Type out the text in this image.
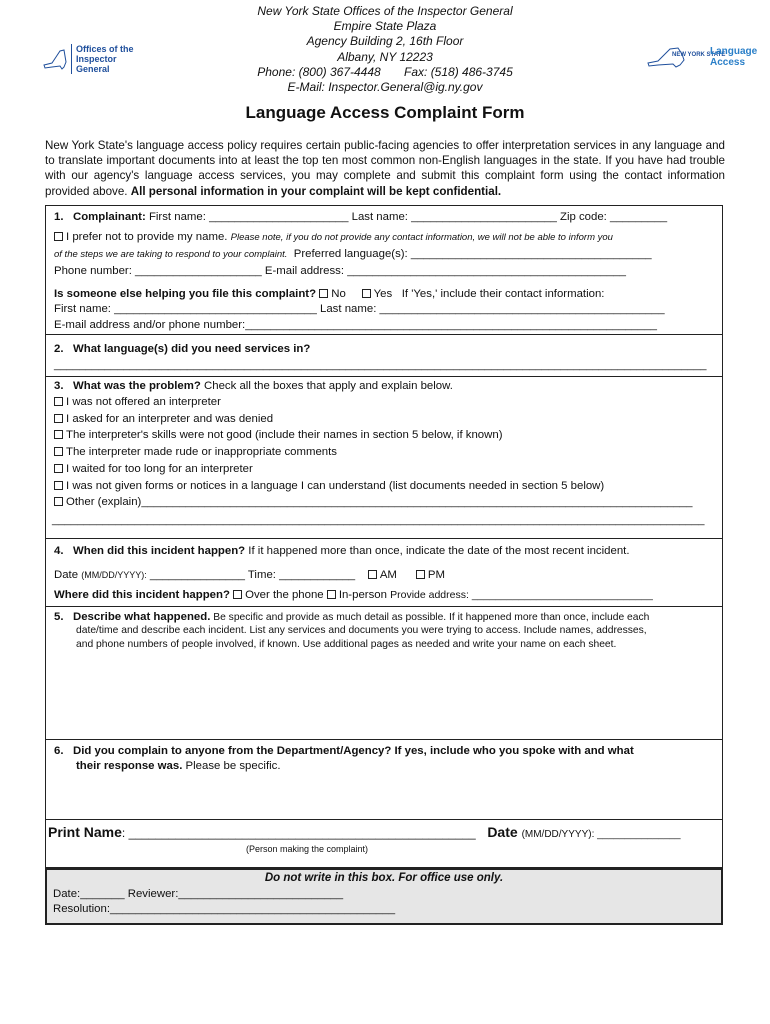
Offices of the
Inspector General
New York State Offices of the Inspector General
Empire State Plaza
Agency Building 2, 16th Floor
Albany, NY 12223
Phone: (800) 367-4448       Fax: (518) 486-3745
E-Mail: Inspector.General@ig.ny.gov
NEW YORK STATE
Language
Access
Language Access Complaint Form
New York State's language access policy requires certain public-facing agencies to offer interpretation services in any language and to translate important documents into at least the top ten most common non-English languages in the state. If you have had trouble with our agency's language access services, you may complete and submit this complaint form using the contact information provided above. All personal information in your complaint will be kept confidential.
1. Complainant: First name: ______________________ Last name: _______________________ Zip code: _________
I prefer not to provide my name. Please note, if you do not provide any contact information, we will not be able to inform you
of the steps we are taking to respond to your complaint.  Preferred language(s): ______________________________________
Phone number: ____________________ E-mail address: ____________________________________________
Is someone else helping you file this complaint? No Yes If 'Yes,' include their contact information:
First name: ________________________________ Last name: _____________________________________________
E-mail address and/or phone number:_________________________________________________________________
2. What language(s) did you need services in?
_______________________________________________________________________________________________________
3. What was the problem? Check all the boxes that apply and explain below.
I was not offered an interpreter
I asked for an interpreter and was denied
The interpreter's skills were not good (include their names in section 5 below, if known)
The interpreter made rude or inappropriate comments
I waited for too long for an interpreter
I was not given forms or notices in a language I can understand (list documents needed in section 5 below)
Other (explain)_______________________________________________________________________________________
_______________________________________________________________________________________________________
4. When did this incident happen? If it happened more than once, indicate the date of the most recent incident.
Date (MM/DD/YYYY): _______________ Time: ____________ AM	PM
Where did this incident happen? Over the phone In-person Provide address: _______________________________
5. Describe what happened. Be specific and provide as much detail as possible. If it happened more than once, include each
date/time and describe each incident. List any services and documents you were trying to access. Include names, addresses,
and phone numbers of people involved, if known. Use additional pages as needed and write your name on each sheet.
6. Did you complain to anyone from the Department/Agency? If yes, include who you spoke with and what
their response was. Please be specific.
Print Name: ____________________________________________________ Date (MM/DD/YYYY): _______________
(Person making the complaint)
Do not write in this box. For office use only.
Date:_______ Reviewer:__________________________
Resolution:_____________________________________________
